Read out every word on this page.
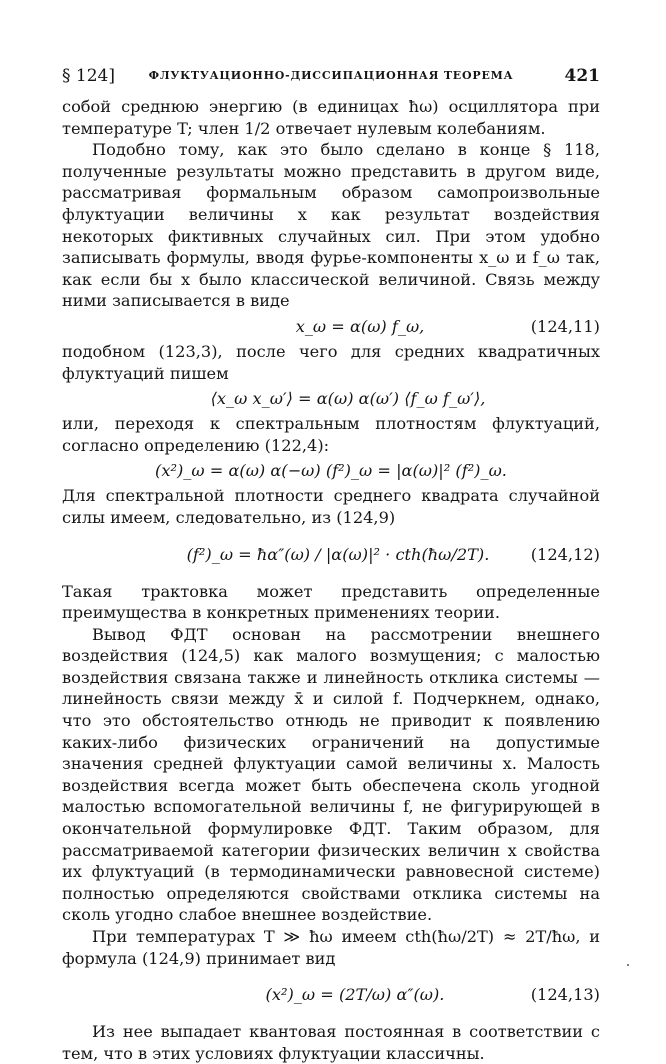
§ 124]	ФЛУКТУАЦИОННО-ДИССИПАЦИОННАЯ ТЕОРЕМА	421

собой среднюю энергию (в единицах ħω) осциллятора при температуре T; член 1/2 отвечает нулевым колебаниям.

Подобно тому, как это было сделано в конце § 118, полученные результаты можно представить в другом виде, рассматривая формальным образом самопроизвольные флуктуации величины x как результат воздействия некоторых фиктивных случайных сил. При этом удобно записывать формулы, вводя фурье-компоненты x_ω и f_ω так, как если бы x было классической величиной. Связь между ними записывается в виде

x_ω = α(ω) f_ω,	(124,11)

подобном (123,3), после чего для средних квадратичных флуктуаций пишем

⟨x_ω x_ω′⟩ = α(ω) α(ω′) ⟨f_ω f_ω′⟩,

или, переходя к спектральным плотностям флуктуаций, согласно определению (122,4):

(x²)_ω = α(ω) α(−ω) (f²)_ω = |α(ω)|² (f²)_ω.

Для спектральной плотности среднего квадрата случайной силы имеем, следовательно, из (124,9)

(f²)_ω = ħα″(ω) / |α(ω)|² · cth(ħω/2T).	(124,12)

Такая трактовка может представить определенные преимущества в конкретных применениях теории.

Вывод ФДТ основан на рассмотрении внешнего воздействия (124,5) как малого возмущения; с малостью воздействия связана также и линейность отклика системы — линейность связи между x̄ и силой f. Подчеркнем, однако, что это обстоятельство отнюдь не приводит к появлению каких-либо физических ограничений на допустимые значения средней флуктуации самой величины x. Малость воздействия всегда может быть обеспечена сколь угодной малостью вспомогательной величины f, не фигурирующей в окончательной формулировке ФДТ. Таким образом, для рассматриваемой категории физических величин x свойства их флуктуаций (в термодинамически равновесной системе) полностью определяются свойствами отклика системы на сколь угодно слабое внешнее воздействие.

При температурах T ≫ ħω имеем cth(ħω/2T) ≈ 2T/ħω, и формула (124,9) принимает вид

(x²)_ω = (2T/ω) α″(ω).	(124,13)

Из нее выпадает квантовая постоянная в соответствии с тем, что в этих условиях флуктуации классичны.
